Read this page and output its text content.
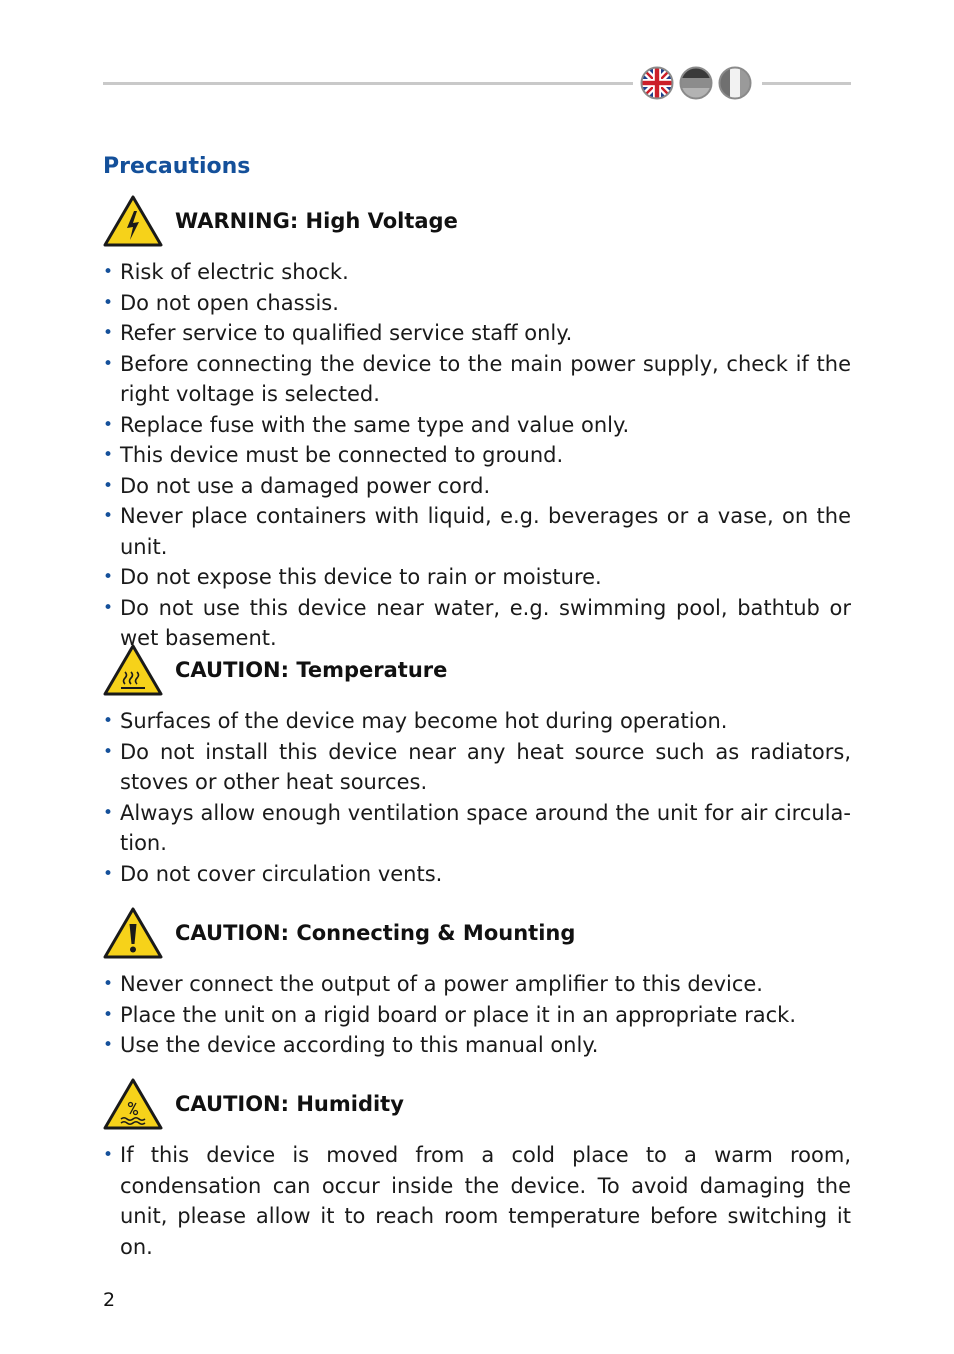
Precautions
WARNING: High Voltage
• Risk of electric shock.
• Do not open chassis.
• Refer service to qualified service staff only.
• Before connecting the device to the main power supply, check if the right voltage is selected.
• Replace fuse with the same type and value only.
• This device must be connected to ground.
• Do not use a damaged power cord.
• Never place containers with liquid, e.g. beverages or a vase, on the unit.
• Do not expose this device to rain or moisture.
• Do not use this device near water, e.g. swimming pool, bathtub or wet basement.
CAUTION: Temperature
• Surfaces of the device may become hot during operation.
• Do not install this device near any heat source such as radiators, stoves or other heat sources.
• Always allow enough ventilation space around the unit for air circula-tion.
• Do not cover circulation vents.
CAUTION: Connecting & Mounting
• Never connect the output of a power amplifier to this device.
• Place the unit on a rigid board or place it in an appropriate rack.
• Use the device according to this manual only.
CAUTION: Humidity
• If this device is moved from a cold place to a warm room, condensation can occur inside the device. To avoid damaging the unit, please allow it to reach room temperature before switching it on.
2
